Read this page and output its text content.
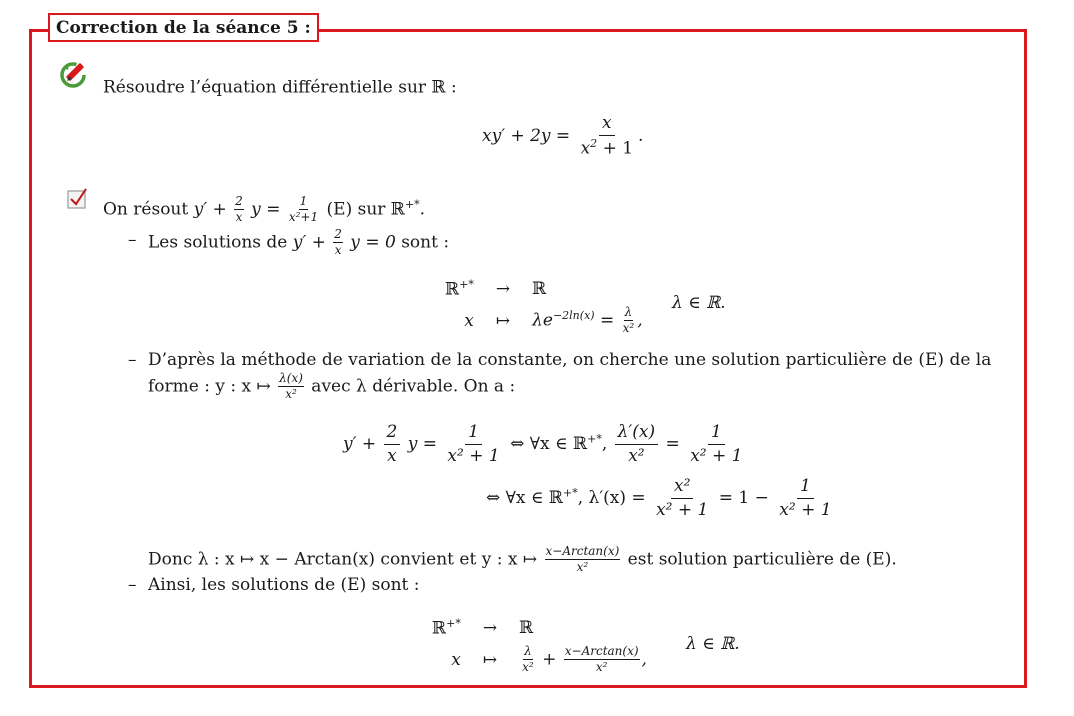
Correction de la séance 5 :
Résoudre l’équation différentielle sur ℝ :
$xy' + 2y = \frac{x}{x^2 + 1}$ .
On résout $y' + \frac{2}{x}$ $y = \frac{1}{\text{x²+1}} (E)$ sur ℝ+*.
– Les solutions de $y' + \frac{2}{x}$ y = 0 sont :
ℝ+* → ℝ
x ↦ $\lambda e^{-2ln(x)} = \frac{\lambda}{\text{x²}}$ ,
λ ∈ ℝ.
– D’après la méthode de variation de la constante, on cherche une solution particulière de (E) de la
forme : y : x ↦ $\frac{\lambda(x)}{\text{x²}}$ avec λ dérivable. On a :
$y' + \frac{2}{x}$ $y = \frac{1}{\text{x² + 1}}$ ⇔ ∀x ∈ ℝ+*, $\frac{\lambda'(x)}{\text{x²}} = \frac{1}{\text{x² + 1}}$
⇔ ∀x ∈ ℝ+*, $\lambda'(x) = \frac{\text{x²}}{\text{x² + 1}} = 1 - \frac{1}{\text{x² + 1}}$
Donc λ : x ↦ x − Arctan(x) convient et y : x ↦ $\frac{\text{x−Arctan(x)}}{\text{x²}}$ est solution particulière de (E).
– Ainsi, les solutions de (E) sont :
ℝ+* → ℝ
x ↦ $\frac{\lambda}{\text{x²}} + \frac{\text{x−Arctan(x)}}{\text{x²}}$ ,
λ ∈ ℝ.
